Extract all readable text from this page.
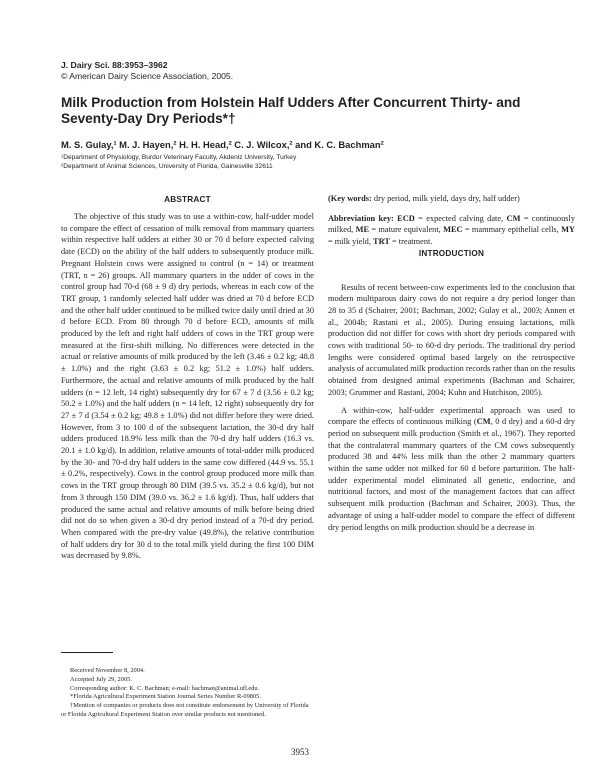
J. Dairy Sci. 88:3953–3962
© American Dairy Science Association, 2005.
Milk Production from Holstein Half Udders After Concurrent Thirty- and Seventy-Day Dry Periods*†
M. S. Gulay,¹ M. J. Hayen,² H. H. Head,² C. J. Wilcox,² and K. C. Bachman²
¹Department of Physiology, Burdur Veterinary Faculty, Akdeniz University, Turkey
²Department of Animal Sciences, University of Florida, Gainesville 32611
ABSTRACT

The objective of this study was to use a within-cow, half-udder model to compare the effect of cessation of milk removal from mammary quarters within respective half udders at either 30 or 70 d before expected calving date (ECD) on the ability of the half udders to subsequently produce milk. Pregnant Holstein cows were assigned to control (n = 14) or treatment (TRT, n = 26) groups. All mammary quarters in the udder of cows in the control group had 70-d (68 ± 9 d) dry periods, whereas in each cow of the TRT group, 1 randomly selected half udder was dried at 70 d before ECD and the other half udder continued to be milked twice daily until dried at 30 d before ECD. From 80 through 70 d before ECD, amounts of milk produced by the left and right half udders of cows in the TRT group were measured at the first-shift milking. No differences were detected in the actual or relative amounts of milk produced by the left (3.46 ± 0.2 kg; 48.8 ± 1.0%) and the right (3.63 ± 0.2 kg; 51.2 ± 1.0%) half udders. Furthermore, the actual and relative amounts of milk produced by the half udders (n = 12 left, 14 right) subsequently dry for 67 ± 7 d (3.56 ± 0.2 kg; 50.2 ± 1.0%) and the half udders (n = 14 left, 12 right) subsequently dry for 27 ± 7 d (3.54 ± 0.2 kg; 49.8 ± 1.0%) did not differ before they were dried. However, from 3 to 100 d of the subsequent lactation, the 30-d dry half udders produced 18.9% less milk than the 70-d dry half udders (16.3 vs. 20.1 ± 1.0 kg/d). In addition, relative amounts of total-udder milk produced by the 30- and 70-d dry half udders in the same cow differed (44.9 vs. 55.1 ± 0.2%, respectively). Cows in the control group produced more milk than cows in the TRT group through 80 DIM (39.5 vs. 35.2 ± 0.6 kg/d), but not from 3 through 150 DIM (39.0 vs. 36.2 ± 1.6 kg/d). Thus, half udders that produced the same actual and relative amounts of milk before being dried did not do so when given a 30-d dry period instead of a 70-d dry period. When compared with the pre-dry value (49.8%), the relative contribution of half udders dry for 30 d to the total milk yield during the first 100 DIM was decreased by 9.8%.

(Key words: dry period, milk yield, days dry, half udder)

Abbreviation key: ECD = expected calving date, CM = continuously milked, ME = mature equivalent, MEC = mammary epithelial cells, MY = milk yield, TRT = treatment.

INTRODUCTION

Results of recent between-cow experiments led to the conclusion that modern multiparous dairy cows do not require a dry period longer than 28 to 35 d (Schairer, 2001; Bachman, 2002; Gulay et al., 2003; Annen et al., 2004b; Rastani et al., 2005). During ensuing lactations, milk production did not differ for cows with short dry periods compared with cows with traditional 50- to 60-d dry periods. The traditional dry period lengths were considered optimal based largely on the retrospective analysis of accumulated milk production records rather than on the results obtained from designed animal experiments (Bachman and Schairer, 2003; Grummer and Rastani, 2004; Kuhn and Hutchison, 2005).

A within-cow, half-udder experimental approach was used to compare the effects of continuous milking (CM, 0 d dry) and a 60-d dry period on subsequent milk production (Smith et al., 1967). They reported that the contralateral mammary quarters of the CM cows subsequently produced 38 and 44% less milk than the other 2 mammary quarters within the same udder not milked for 60 d before parturition. The half-udder experimental model eliminated all genetic, endocrine, and nutritional factors, and most of the management factors that can affect subsequent milk production (Bachman and Schairer, 2003). Thus, the advantage of using a half-udder model to compare the effect of different dry period lengths on milk production should be a decrease in

Received November 8, 2004.

Accepted July 29, 2005.

Corresponding author: K. C. Bachman; e-mail: bachman@animal.ufl.edu.

*Florida Agricultural Experiment Station Journal Series Number R-09805.

†Mention of companies or products does not constitute endorsement by University of Florida or Florida Agricultural Experiment Station over similar products not mentioned.

3953
